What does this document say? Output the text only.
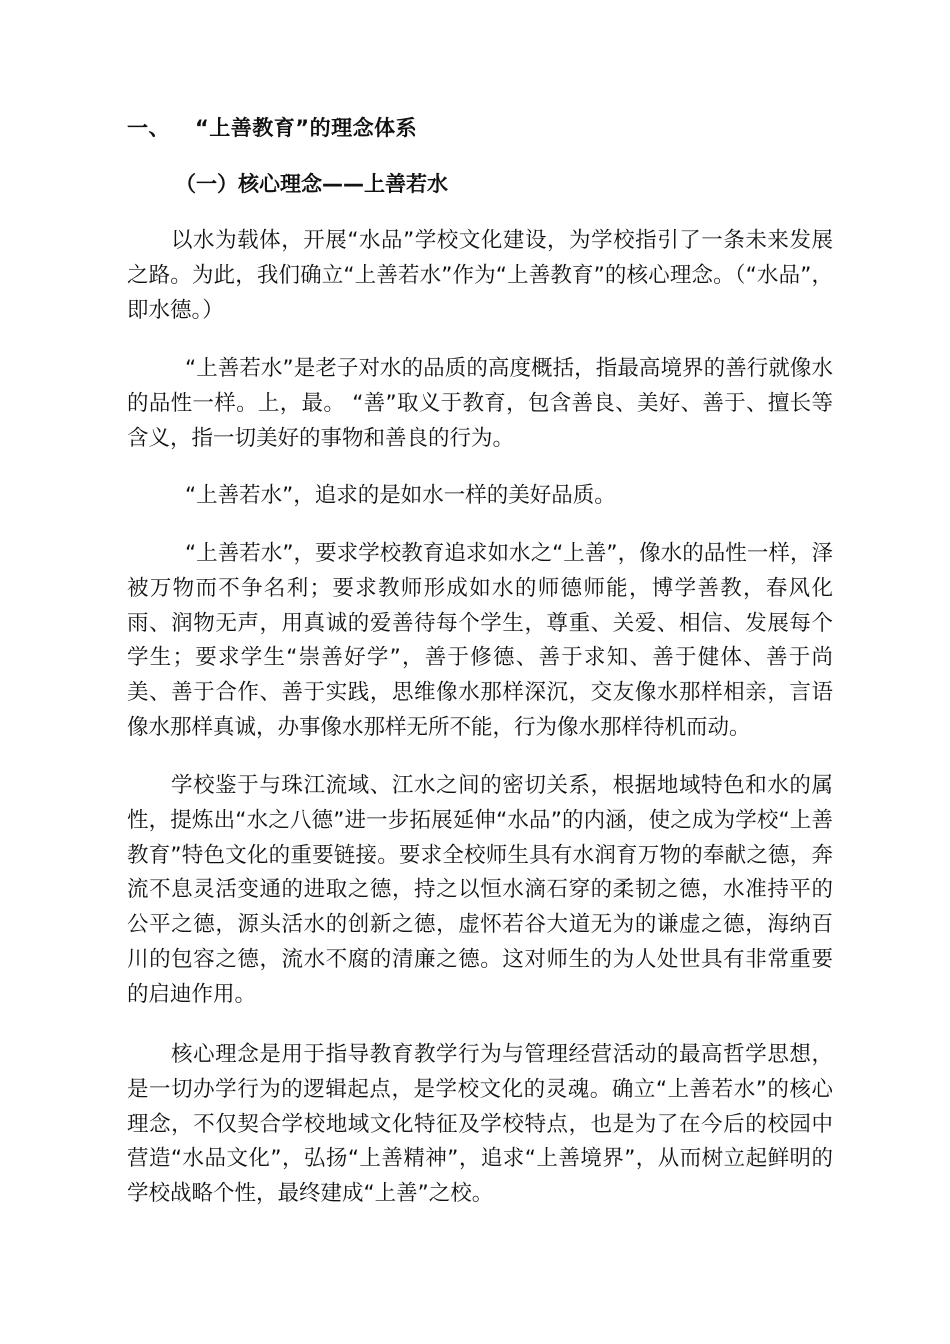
一、 “上善教育”的理念体系
（一）核心理念——上善若水

以水为载体，开展“水品”学校文化建设，为学校指引了一条未来发展之路。为此，我们确立“上善若水”作为“上善教育”的核心理念。（“水品”，即水德。）

“上善若水”是老子对水的品质的高度概括，指最高境界的善行就像水的品性一样。上，最。 “善”取义于教育，包含善良、美好、善于、擅长等含义，指一切美好的事物和善良的行为。

“上善若水”，追求的是如水一样的美好品质。

“上善若水”，要求学校教育追求如水之“上善”，像水的品性一样，泽被万物而不争名利；要求教师形成如水的师德师能，博学善教，春风化雨、润物无声，用真诚的爱善待每个学生，尊重、关爱、相信、发展每个学生；要求学生“崇善好学”，善于修德、善于求知、善于健体、善于尚美、善于合作、善于实践，思维像水那样深沉，交友像水那样相亲，言语像水那样真诚，办事像水那样无所不能，行为像水那样待机而动。

学校鉴于与珠江流域、江水之间的密切关系，根据地域特色和水的属性，提炼出“水之八德”进一步拓展延伸“水品”的内涵，使之成为学校“上善教育”特色文化的重要链接。要求全校师生具有水润育万物的奉献之德，奔流不息灵活变通的进取之德，持之以恒水滴石穿的柔韧之德，水准持平的公平之德，源头活水的创新之德，虚怀若谷大道无为的谦虚之德，海纳百川的包容之德，流水不腐的清廉之德。这对师生的为人处世具有非常重要的启迪作用。

核心理念是用于指导教育教学行为与管理经营活动的最高哲学思想，是一切办学行为的逻辑起点，是学校文化的灵魂。确立“上善若水”的核心理念，不仅契合学校地域文化特征及学校特点，也是为了在今后的校园中营造“水品文化”，弘扬“上善精神”，追求“上善境界”，从而树立起鲜明的学校战略个性，最终建成“上善”之校。
